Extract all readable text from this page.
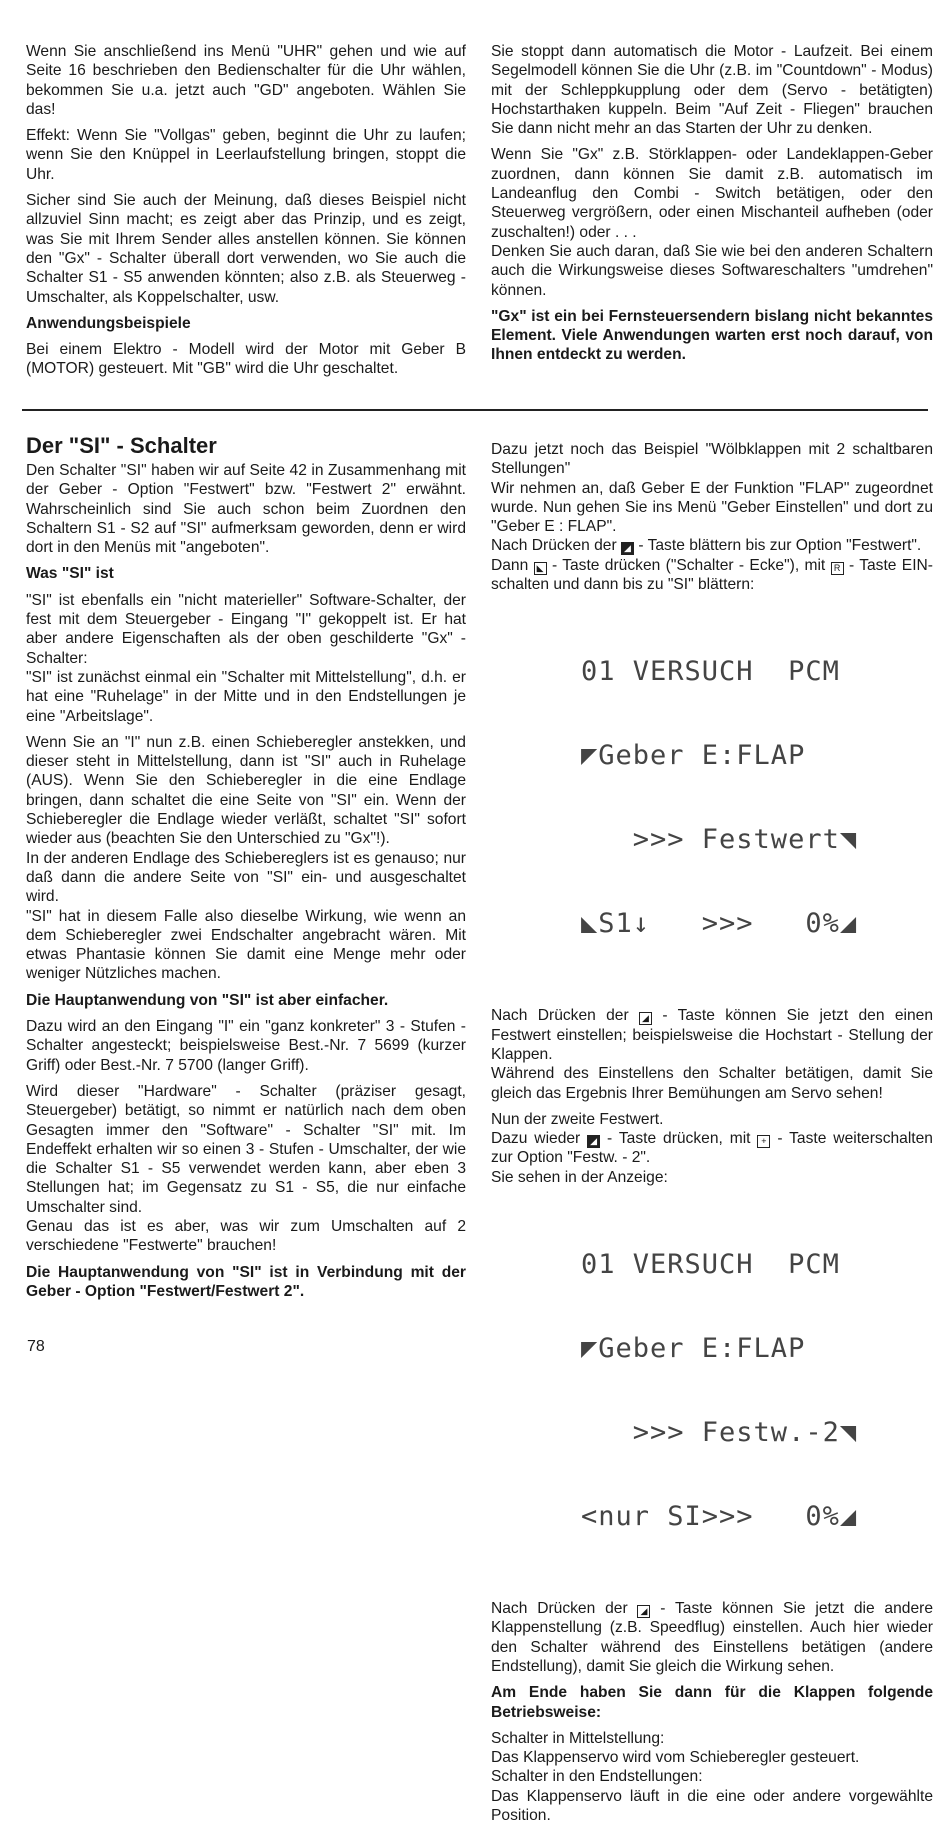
Wenn Sie anschließend ins Menü "UHR" gehen und wie auf Seite 16 beschrieben den Bedienschalter für die Uhr wählen, bekommen Sie u.a. jetzt auch "GD" angeboten. Wählen Sie das!

Effekt: Wenn Sie "Vollgas" geben, beginnt die Uhr zu laufen; wenn Sie den Knüppel in Leerlaufstellung bringen, stoppt die Uhr.

Sicher sind Sie auch der Meinung, daß dieses Beispiel nicht allzuviel Sinn macht; es zeigt aber das Prinzip, und es zeigt, was Sie mit Ihrem Sender alles anstellen können. Sie können den "Gx" - Schalter überall dort verwenden, wo Sie auch die Schalter S1 - S5 anwenden könnten; also z.B. als Steuerweg - Umschalter, als Koppelschalter, usw.

Anwendungsbeispiele

Bei einem Elektro - Modell wird der Motor mit Geber B (MOTOR) gesteuert. Mit "GB" wird die Uhr geschaltet.

Sie stoppt dann automatisch die Motor - Laufzeit. Bei einem Segelmodell können Sie die Uhr (z.B. im "Countdown" - Modus) mit der Schleppkupplung oder dem (Servo - betätigten) Hochstarthaken kuppeln. Beim "Auf Zeit - Fliegen" brauchen Sie dann nicht mehr an das Starten der Uhr zu denken.

Wenn Sie "Gx" z.B. Störklappen- oder Landeklappen-Geber zuordnen, dann können Sie damit z.B. automatisch im Landeanflug den Combi - Switch betätigen, oder den Steuerweg vergrößern, oder einen Mischanteil aufheben (oder zuschalten!) oder . . .

Denken Sie auch daran, daß Sie wie bei den anderen Schaltern auch die Wirkungsweise dieses Softwareschalters "umdrehen" können.

"Gx" ist ein bei Fernsteuersendern bislang nicht bekanntes Element. Viele Anwendungen warten erst noch darauf, von Ihnen entdeckt zu werden.

Der "SI" - Schalter

Den Schalter "SI" haben wir auf Seite 42 in Zusammenhang mit der Geber - Option "Festwert" bzw. "Festwert 2" erwähnt. Wahrscheinlich sind Sie auch schon beim Zuordnen den Schaltern S1 - S2 auf "SI" aufmerksam geworden, denn er wird dort in den Menüs mit "angeboten".

Was "SI" ist

"SI" ist ebenfalls ein "nicht materieller" Software-Schalter, der fest mit dem Steuergeber - Eingang "I" gekoppelt ist. Er hat aber andere Eigenschaften als der oben geschilderte "Gx" - Schalter:

"SI" ist zunächst einmal ein "Schalter mit Mittelstellung", d.h. er hat eine "Ruhelage" in der Mitte und in den Endstellungen je eine "Arbeitslage".

Wenn Sie an "I" nun z.B. einen Schieberegler anstekken, und dieser steht in Mittelstellung, dann ist "SI" auch in Ruhelage (AUS). Wenn Sie den Schieberegler in die eine Endlage bringen, dann schaltet die eine Seite von "SI" ein. Wenn der Schieberegler die Endlage wieder verläßt, schaltet "SI" sofort wieder aus (beachten Sie den Unterschied zu "Gx"!).

In der anderen Endlage des Schiebereglers ist es genauso; nur daß dann die andere Seite von "SI" ein- und ausgeschaltet wird.

"SI" hat in diesem Falle also dieselbe Wirkung, wie wenn an dem Schieberegler zwei Endschalter angebracht wären. Mit etwas Phantasie können Sie damit eine Menge mehr oder weniger Nützliches machen.

Die Hauptanwendung von "SI" ist aber einfacher.

Dazu wird an den Eingang "I" ein "ganz konkreter" 3 - Stufen - Schalter angesteckt; beispielsweise Best.-Nr. 7 5699 (kurzer Griff) oder Best.-Nr. 7 5700 (langer Griff).

Wird dieser "Hardware" - Schalter (präziser gesagt, Steuergeber) betätigt, so nimmt er natürlich nach dem oben Gesagten immer den "Software" - Schalter "SI" mit. Im Endeffekt erhalten wir so einen 3 - Stufen - Umschalter, der wie die Schalter S1 - S5 verwendet werden kann, aber eben 3 Stellungen hat; im Gegensatz zu S1 - S5, die nur einfache Umschalter sind.

Genau das ist es aber, was wir zum Umschalten auf 2 verschiedene "Festwerte" brauchen!

Die Hauptanwendung von "SI" ist in Verbindung mit der Geber - Option "Festwert/Festwert 2".

Dazu jetzt noch das Beispiel "Wölbklappen mit 2 schaltbaren Stellungen"

Wir nehmen an, daß Geber E der Funktion "FLAP" zugeordnet wurde. Nun gehen Sie ins Menü "Geber Einstellen" und dort zu "Geber E : FLAP".

Nach Drücken der ◢ - Taste blättern bis zur Option "Festwert".

Dann ◣ - Taste drücken ("Schalter - Ecke"), mit R - Taste EIN-schalten und dann bis zu "SI" blättern:

01 VERSUCH  PCM

◤Geber E:FLAP

>>> Festwert◥

◣S1↓   >>>   0%◢

Nach Drücken der ◢ - Taste können Sie jetzt den einen Festwert einstellen; beispielsweise die Hochstart - Stellung der Klappen.

Während des Einstellens den Schalter betätigen, damit Sie gleich das Ergebnis Ihrer Bemühungen am Servo sehen!

Nun der zweite Festwert.

Dazu wieder ◢ - Taste drücken, mit + - Taste weiterschalten zur Option "Festw. - 2".

Sie sehen in der Anzeige:

01 VERSUCH  PCM

◤Geber E:FLAP

>>> Festw.-2◥

<nur SI>>>   0%◢

Nach Drücken der ◢ - Taste können Sie jetzt die andere Klappenstellung (z.B. Speedflug) einstellen. Auch hier wieder den Schalter während des Einstellens betätigen (andere Endstellung), damit Sie gleich die Wirkung sehen.

Am Ende haben Sie dann für die Klappen folgende Betriebsweise:

Schalter in Mittelstellung:

Das Klappenservo wird vom Schieberegler gesteuert.

Schalter in den Endstellungen:

Das Klappenservo läuft in die eine oder andere vorgewählte Position.

78
